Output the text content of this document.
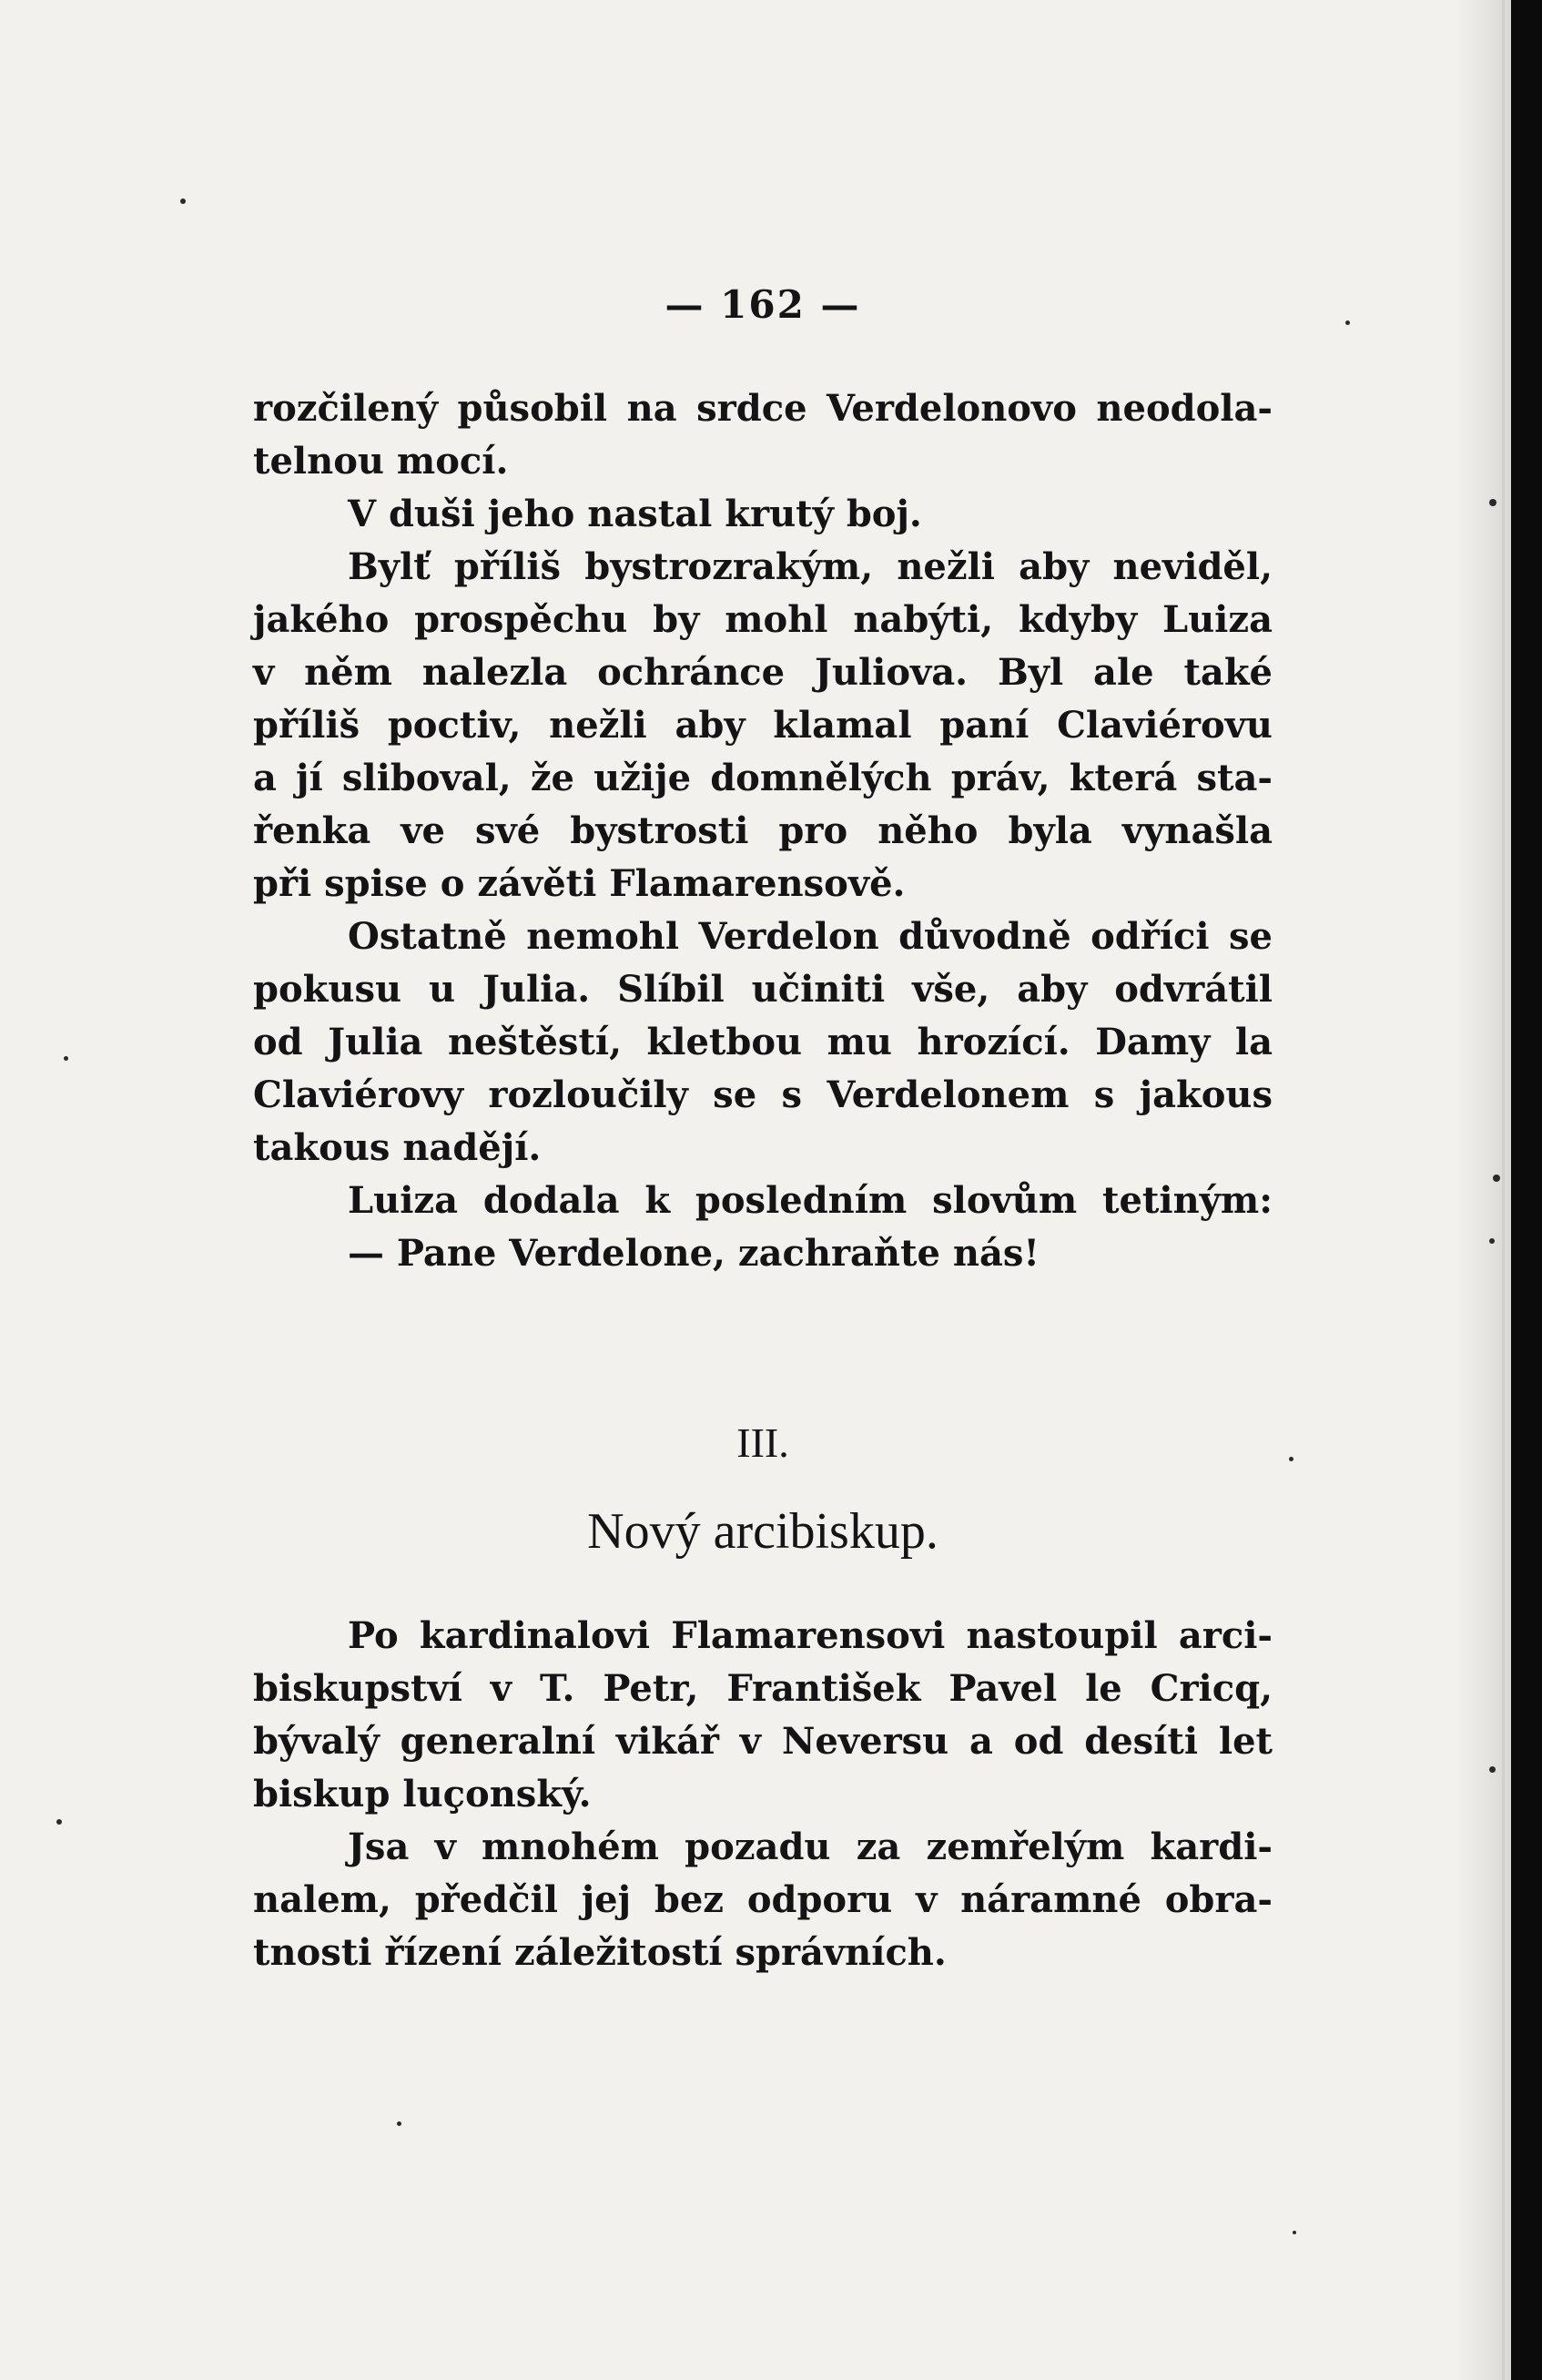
— 162 —
rozčilený působil na srdce Verdelonovo neodola-
telnou mocí.
V duši jeho nastal krutý boj.
Bylť příliš bystrozrakým, nežli aby neviděl,
jakého prospěchu by mohl nabýti, kdyby Luiza
v něm nalezla ochránce Juliova. Byl ale také
příliš poctiv, nežli aby klamal paní Claviérovu
a jí sliboval, že užije domnělých práv, která sta-
řenka ve své bystrosti pro něho byla vynašla
při spise o závěti Flamarensově.
Ostatně nemohl Verdelon důvodně odříci se
pokusu u Julia. Slíbil učiniti vše, aby odvrátil
od Julia neštěstí, kletbou mu hrozící. Damy la
Claviérovy rozloučily se s Verdelonem s jakous
takous nadějí.
Luiza dodala k posledním slovům tetiným:
— Pane Verdelone, zachraňte nás!
III.
Nový arcibiskup.
Po kardinalovi Flamarensovi nastoupil arci-
biskupství v T. Petr, František Pavel le Cricq,
bývalý generalní vikář v Neversu a od desíti let
biskup luçonský.
Jsa v mnohém pozadu za zemřelým kardi-
nalem, předčil jej bez odporu v náramné obra-
tnosti řízení záležitostí správních.
